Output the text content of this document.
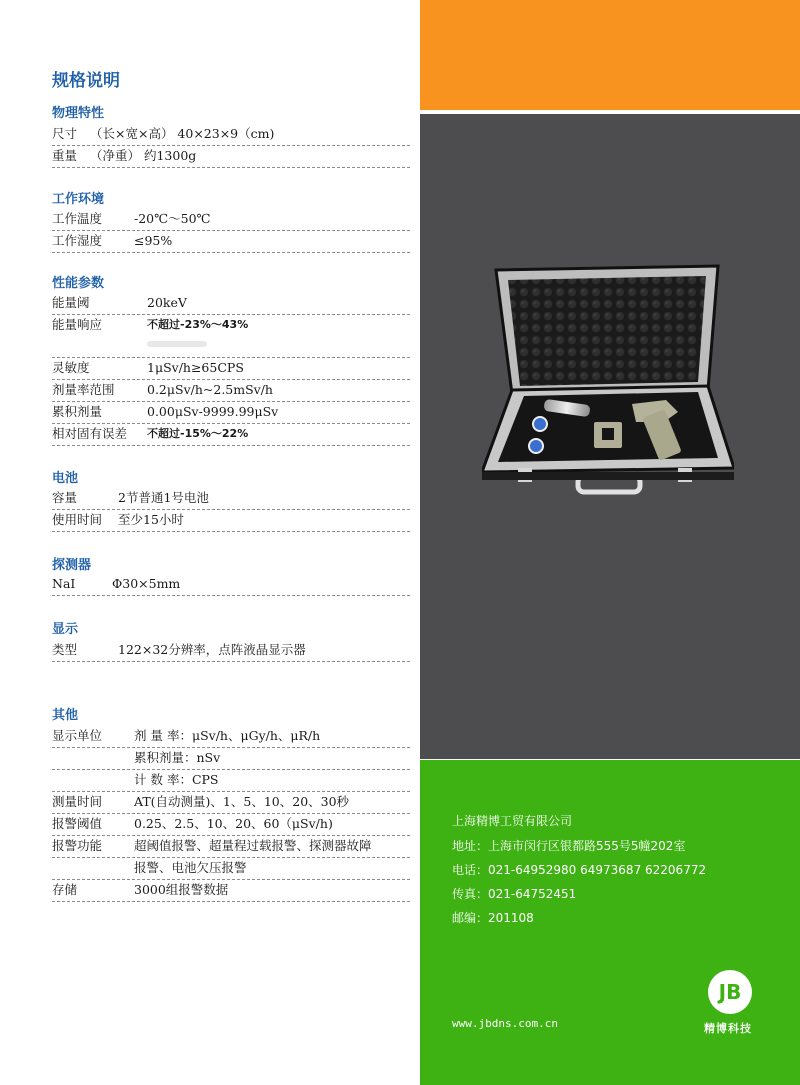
规格说明
物理特性
尺寸 （长×宽×高） 40×23×9（cm)
重量 （净重） 约1300g
工作环境
工作温度	-20℃～50℃
工作湿度	≤95%
性能参数
能量阈	20keV
能量响应	不超过-23%～43%
灵敏度	1μSv/h≥65CPS
剂量率范围	0.2μSv/h~2.5mSv/h
累积剂量	0.00μSv-9999.99μSv
相对固有误差 不超过-15%～22%
电池
容量	2节普通1号电池
使用时间 至少15小时
探测器
NaI	Φ30×5mm
显示
类型	122×32分辨率，点阵液晶显示器
其他
显示单位	剂 量 率：μSv/h、μGy/h、μR/h
累积剂量：nSv
计 数 率：CPS
测量时间	AT(自动测量)、1、5、10、20、30秒
报警阈值	0.25、2.5、10、20、60（μSv/h)
报警功能	超阈值报警、超量程过载报警、探测器故障
报警、电池欠压报警
存储	3000组报警数据
上海精博工贸有限公司
地址：上海市闵行区银都路555号5幢202室
电话：021-64952980 64973687 62206772
传真：021-64752451
邮编：201108
www.jbdns.com.cn
JB
精博科技
